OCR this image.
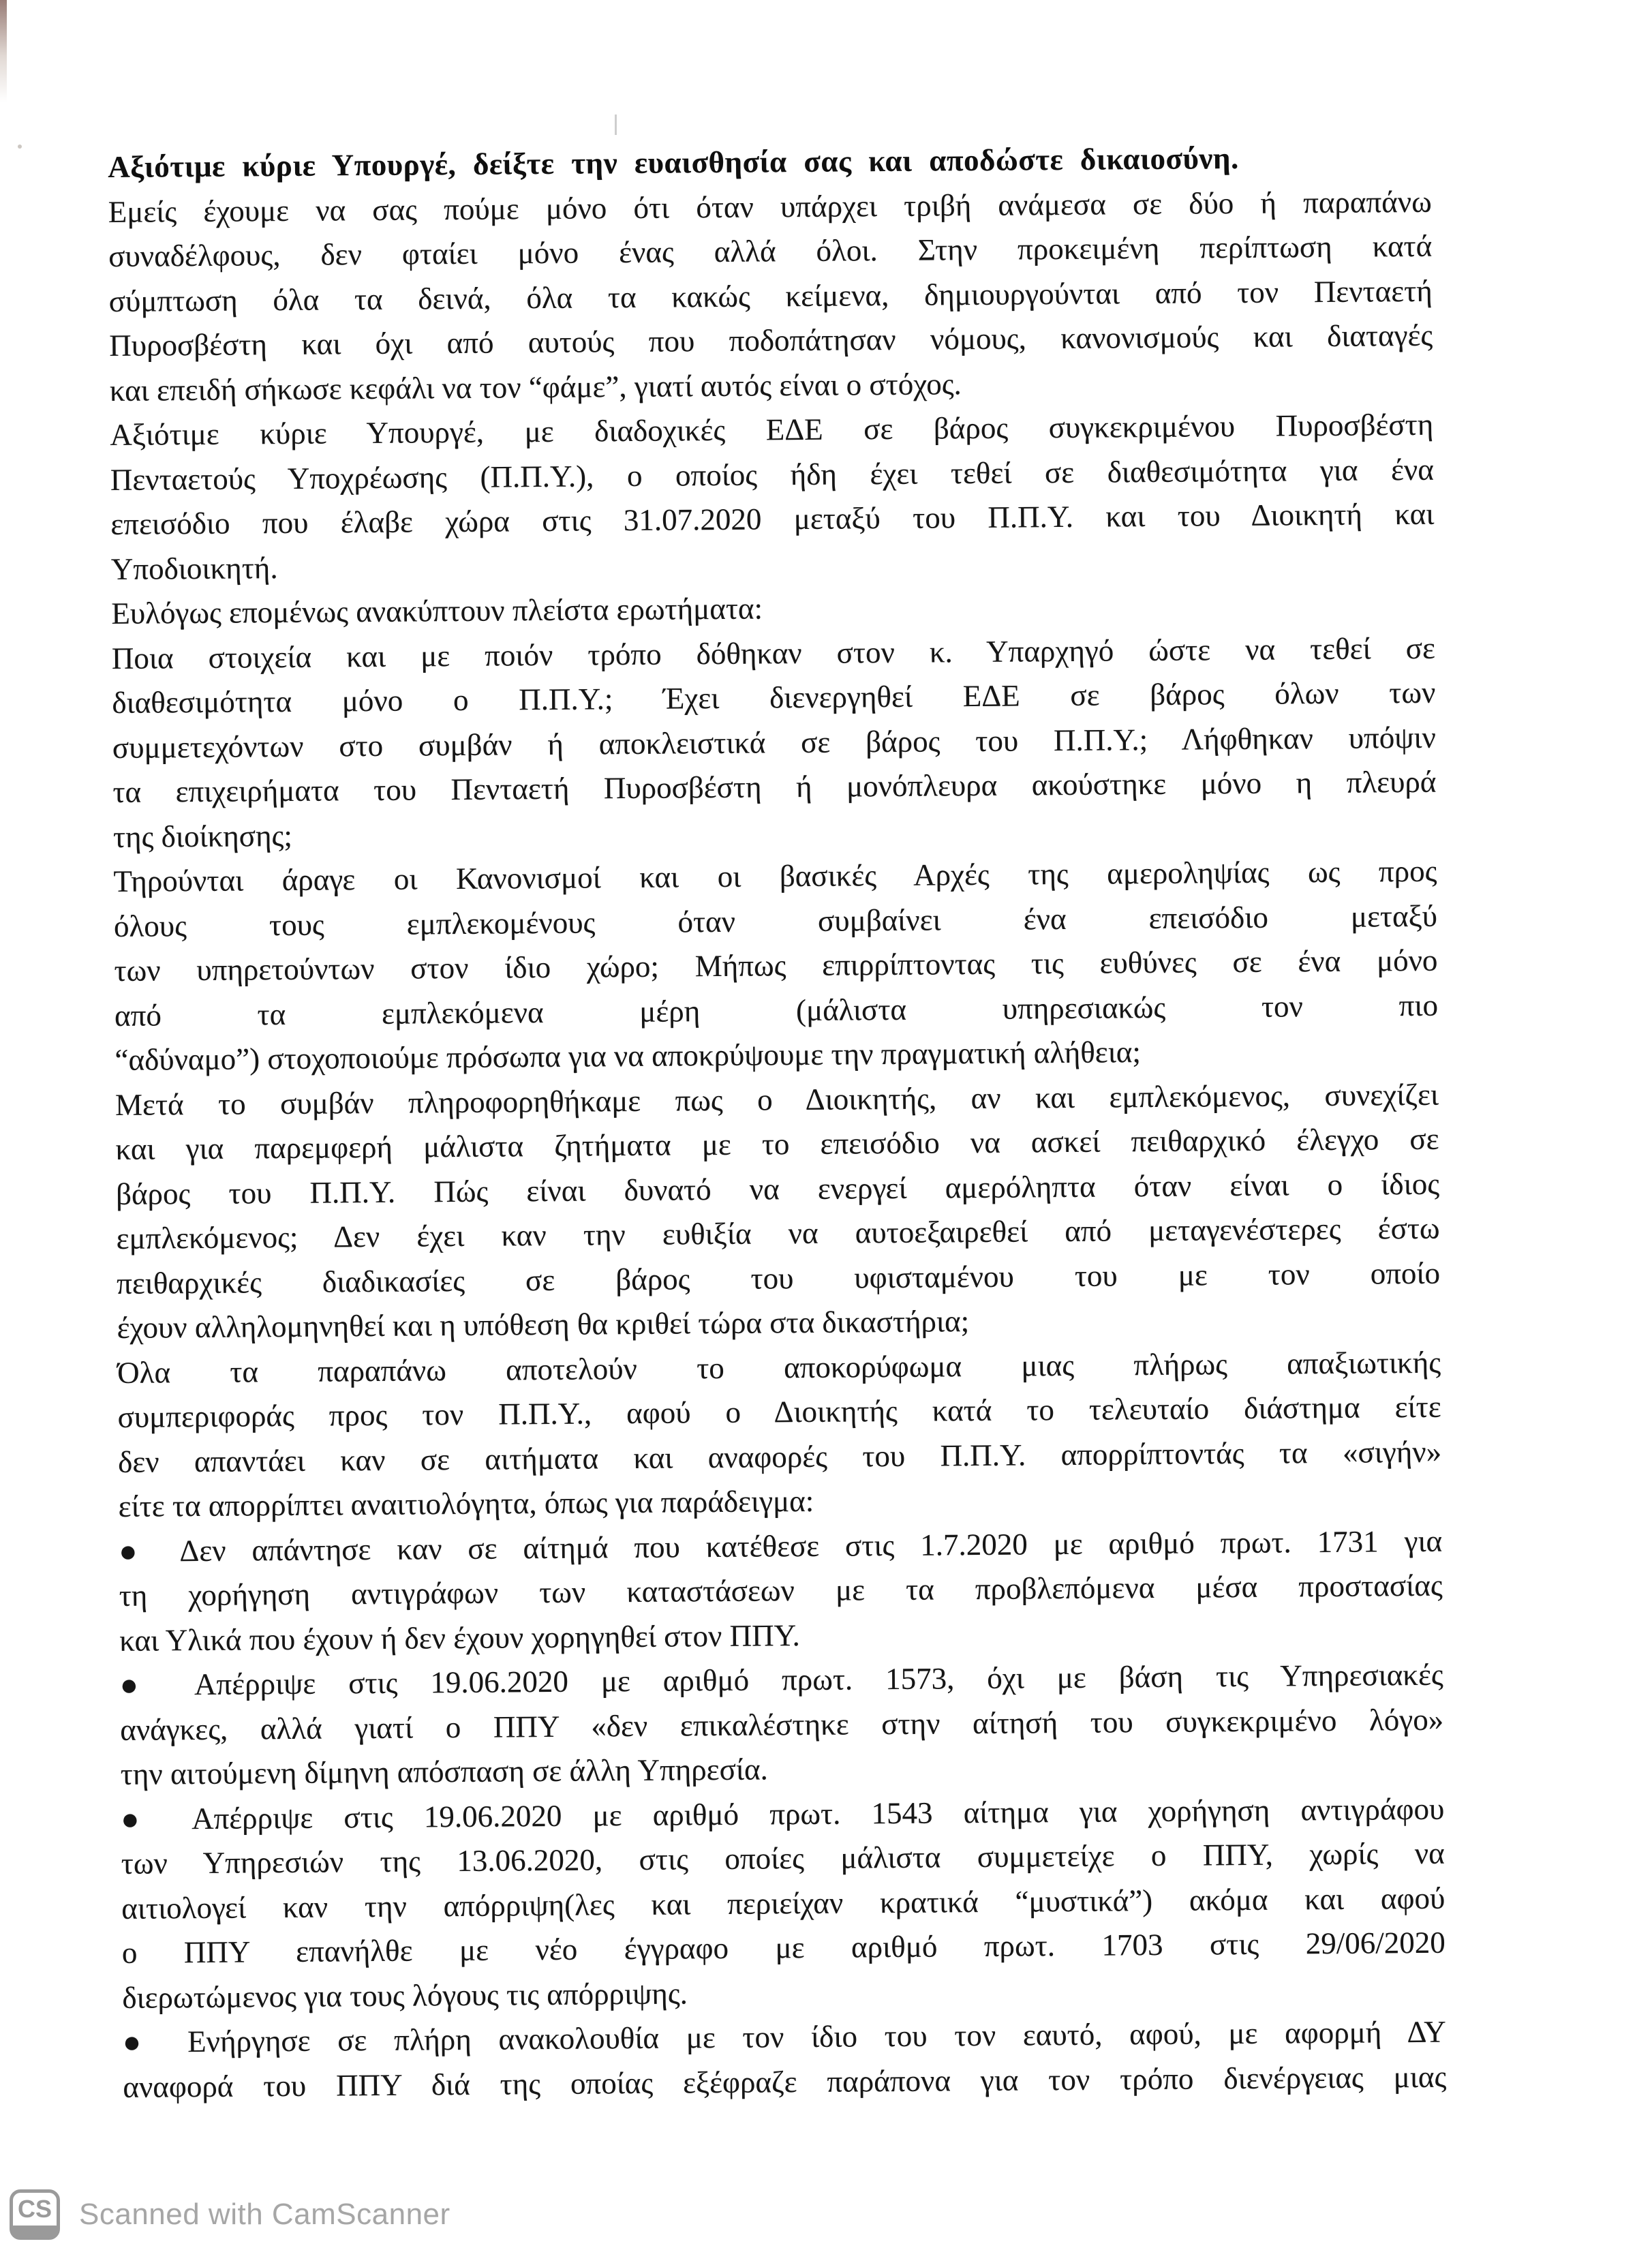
Αξιότιμε κύριε Υπουργέ, δείξτε την ευαισθησία σας και αποδώστε δικαιοσύνη.
Εμείς έχουμε να σας πούμε μόνο ότι όταν υπάρχει τριβή ανάμεσα σε δύο ή παραπάνω
συναδέλφους, δεν φταίει μόνο ένας αλλά όλοι. Στην προκειμένη περίπτωση κατά
σύμπτωση όλα τα δεινά, όλα τα κακώς κείμενα, δημιουργούνται από τον Πενταετή
Πυροσβέστη και όχι από αυτούς που ποδοπάτησαν νόμους, κανονισμούς και διαταγές
και επειδή σήκωσε κεφάλι να τον “φάμε”, γιατί αυτός είναι ο στόχος.
Αξιότιμε κύριε Υπουργέ, με διαδοχικές ΕΔΕ σε βάρος συγκεκριμένου Πυροσβέστη
Πενταετούς Υποχρέωσης (Π.Π.Υ.), ο οποίος ήδη έχει τεθεί σε διαθεσιμότητα για ένα
επεισόδιο που έλαβε χώρα στις 31.07.2020 μεταξύ του Π.Π.Υ. και του Διοικητή και
Υποδιοικητή.
Ευλόγως επομένως ανακύπτουν πλείστα ερωτήματα:
Ποια στοιχεία και με ποιόν τρόπο δόθηκαν στον κ. Υπαρχηγό ώστε να τεθεί σε
διαθεσιμότητα μόνο ο Π.Π.Υ.; Έχει διενεργηθεί ΕΔΕ σε βάρος όλων των
συμμετεχόντων στο συμβάν ή αποκλειστικά σε βάρος του Π.Π.Υ.; Λήφθηκαν υπόψιν
τα επιχειρήματα του Πενταετή Πυροσβέστη ή μονόπλευρα ακούστηκε μόνο η πλευρά
της διοίκησης;
Τηρούνται άραγε οι Κανονισμοί και οι βασικές Αρχές της αμεροληψίας ως προς
όλους τους εμπλεκομένους όταν συμβαίνει ένα επεισόδιο μεταξύ
των υπηρετούντων στον ίδιο χώρο; Μήπως επιρρίπτοντας τις ευθύνες σε ένα μόνο
από τα εμπλεκόμενα μέρη (μάλιστα υπηρεσιακώς τον πιο
“αδύναμο”) στοχοποιούμε πρόσωπα για να αποκρύψουμε την πραγματική αλήθεια;
Μετά το συμβάν πληροφορηθήκαμε πως ο Διοικητής, αν και εμπλεκόμενος, συνεχίζει
και για παρεμφερή μάλιστα ζητήματα με το επεισόδιο να ασκεί πειθαρχικό έλεγχο σε
βάρος του Π.Π.Υ. Πώς είναι δυνατό να ενεργεί αμερόληπτα όταν είναι ο ίδιος
εμπλεκόμενος; Δεν έχει καν την ευθιξία να αυτοεξαιρεθεί από μεταγενέστερες έστω
πειθαρχικές διαδικασίες σε βάρος του υφισταμένου του με τον οποίο
έχουν αλληλομηνηθεί και η υπόθεση θα κριθεί τώρα στα δικαστήρια;
Όλα τα παραπάνω αποτελούν το αποκορύφωμα μιας πλήρως απαξιωτικής
συμπεριφοράς προς τον Π.Π.Υ., αφού ο Διοικητής κατά το τελευταίο διάστημα είτε
δεν απαντάει καν σε αιτήματα και αναφορές του Π.Π.Υ. απορρίπτοντάς τα «σιγήν»
είτε τα απορρίπτει αναιτιολόγητα, όπως για παράδειγμα:
● Δεν απάντησε καν σε αίτημά που κατέθεσε στις 1.7.2020 με αριθμό πρωτ. 1731 για
τη χορήγηση αντιγράφων των καταστάσεων με τα προβλεπόμενα μέσα προστασίας
και Υλικά που έχουν ή δεν έχουν χορηγηθεί στον ΠΠΥ.
● Απέρριψε στις 19.06.2020 με αριθμό πρωτ. 1573, όχι με βάση τις Υπηρεσιακές
ανάγκες, αλλά γιατί ο ΠΠΥ «δεν επικαλέστηκε στην αίτησή του συγκεκριμένο λόγο»
την αιτούμενη δίμηνη απόσπαση σε άλλη Υπηρεσία.
● Απέρριψε στις 19.06.2020 με αριθμό πρωτ. 1543 αίτημα για χορήγηση αντιγράφου
των Υπηρεσιών της 13.06.2020, στις οποίες μάλιστα συμμετείχε ο ΠΠΥ, χωρίς να
αιτιολογεί καν την απόρριψη(λες και περιείχαν κρατικά “μυστικά”) ακόμα και αφού
ο ΠΠΥ επανήλθε με νέο έγγραφο με αριθμό πρωτ. 1703 στις 29/06/2020
διερωτώμενος για τους λόγους τις απόρριψης.
● Ενήργησε σε πλήρη ανακολουθία με τον ίδιο του τον εαυτό, αφού, με αφορμή ΔΥ
αναφορά του ΠΠΥ διά της οποίας εξέφραζε παράπονα για τον τρόπο διενέργειας μιας
CS Scanned with CamScanner
